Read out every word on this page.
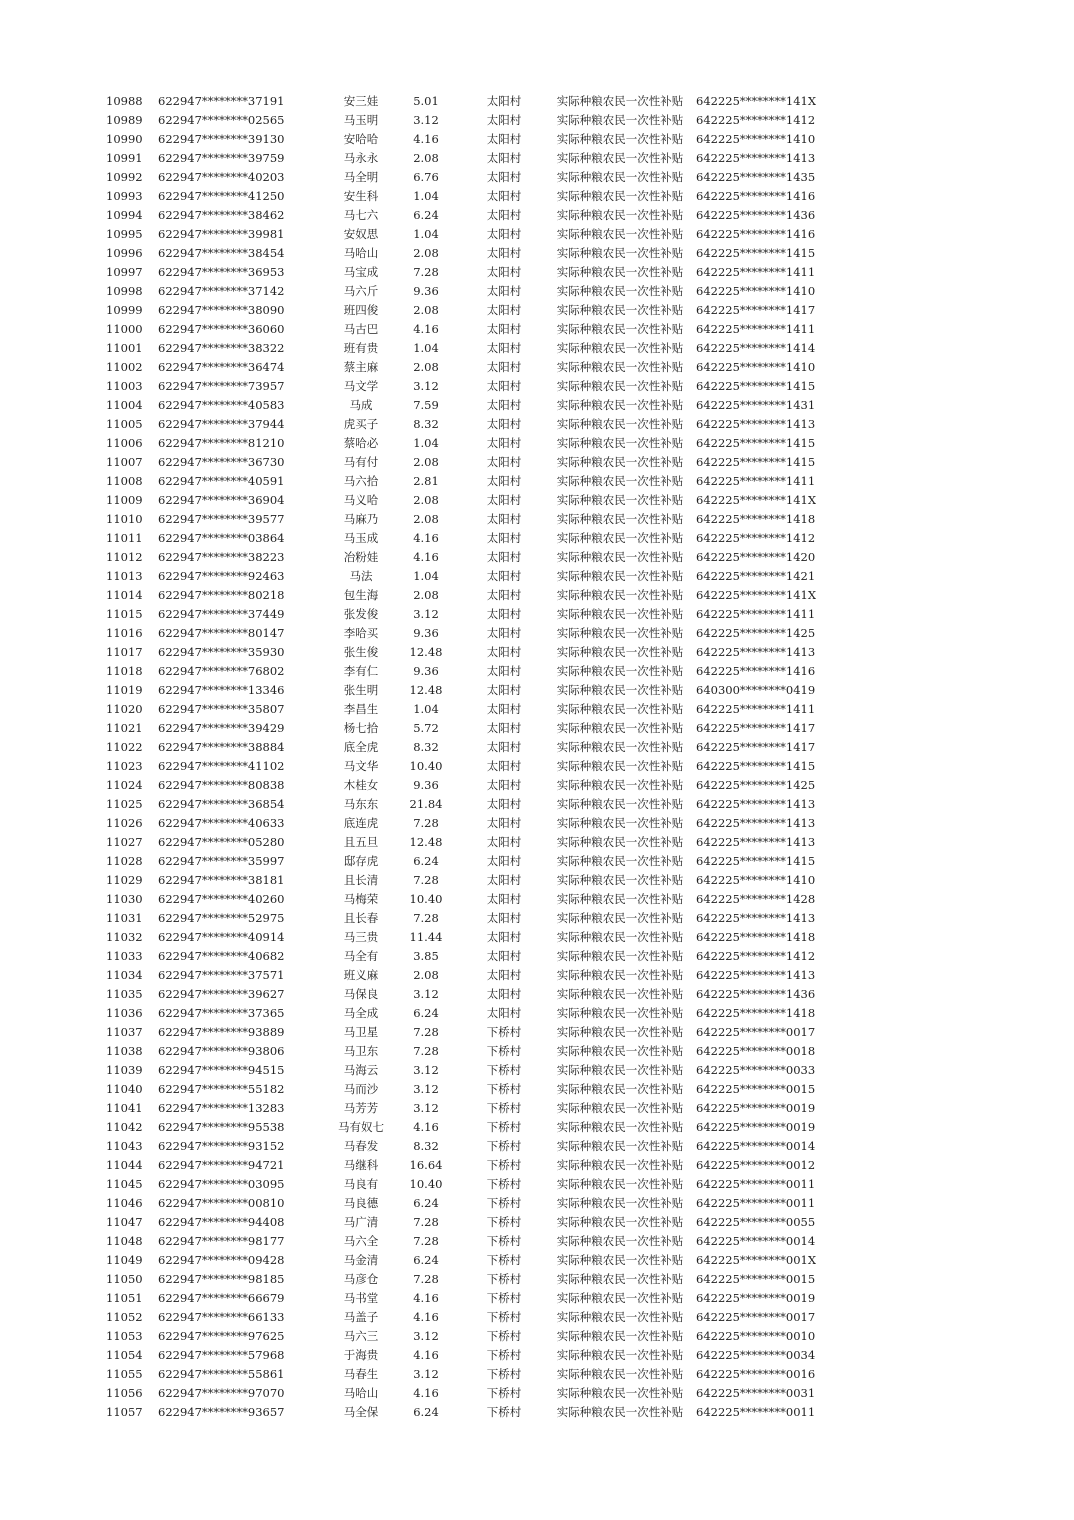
10988	622947********37191	安三娃	5.01	太阳村	实际种粮农民一次性补贴	642225********141X
10989	622947********02565	马玉明	3.12	太阳村	实际种粮农民一次性补贴	642225********1412
10990	622947********39130	安哈哈	4.16	太阳村	实际种粮农民一次性补贴	642225********1410
10991	622947********39759	马永永	2.08	太阳村	实际种粮农民一次性补贴	642225********1413
10992	622947********40203	马全明	6.76	太阳村	实际种粮农民一次性补贴	642225********1435
10993	622947********41250	安生科	1.04	太阳村	实际种粮农民一次性补贴	642225********1416
10994	622947********38462	马七六	6.24	太阳村	实际种粮农民一次性补贴	642225********1436
10995	622947********39981	安奴思	1.04	太阳村	实际种粮农民一次性补贴	642225********1416
10996	622947********38454	马哈山	2.08	太阳村	实际种粮农民一次性补贴	642225********1415
10997	622947********36953	马宝成	7.28	太阳村	实际种粮农民一次性补贴	642225********1411
10998	622947********37142	马六斤	9.36	太阳村	实际种粮农民一次性补贴	642225********1410
10999	622947********38090	班四俊	2.08	太阳村	实际种粮农民一次性补贴	642225********1417
11000	622947********36060	马古巴	4.16	太阳村	实际种粮农民一次性补贴	642225********1411
11001	622947********38322	班有贵	1.04	太阳村	实际种粮农民一次性补贴	642225********1414
11002	622947********36474	蔡主麻	2.08	太阳村	实际种粮农民一次性补贴	642225********1410
11003	622947********73957	马文学	3.12	太阳村	实际种粮农民一次性补贴	642225********1415
11004	622947********40583	马成	7.59	太阳村	实际种粮农民一次性补贴	642225********1431
11005	622947********37944	虎买子	8.32	太阳村	实际种粮农民一次性补贴	642225********1413
11006	622947********81210	蔡哈必	1.04	太阳村	实际种粮农民一次性补贴	642225********1415
11007	622947********36730	马有付	2.08	太阳村	实际种粮农民一次性补贴	642225********1415
11008	622947********40591	马六拾	2.81	太阳村	实际种粮农民一次性补贴	642225********1411
11009	622947********36904	马义哈	2.08	太阳村	实际种粮农民一次性补贴	642225********141X
11010	622947********39577	马麻乃	2.08	太阳村	实际种粮农民一次性补贴	642225********1418
11011	622947********03864	马玉成	4.16	太阳村	实际种粮农民一次性补贴	642225********1412
11012	622947********38223	冶粉娃	4.16	太阳村	实际种粮农民一次性补贴	642225********1420
11013	622947********92463	马法	1.04	太阳村	实际种粮农民一次性补贴	642225********1421
11014	622947********80218	包生海	2.08	太阳村	实际种粮农民一次性补贴	642225********141X
11015	622947********37449	张发俊	3.12	太阳村	实际种粮农民一次性补贴	642225********1411
11016	622947********80147	李哈买	9.36	太阳村	实际种粮农民一次性补贴	642225********1425
11017	622947********35930	张生俊	12.48	太阳村	实际种粮农民一次性补贴	642225********1413
11018	622947********76802	李有仁	9.36	太阳村	实际种粮农民一次性补贴	642225********1416
11019	622947********13346	张生明	12.48	太阳村	实际种粮农民一次性补贴	640300********0419
11020	622947********35807	李昌生	1.04	太阳村	实际种粮农民一次性补贴	642225********1411
11021	622947********39429	杨七拾	5.72	太阳村	实际种粮农民一次性补贴	642225********1417
11022	622947********38884	底全虎	8.32	太阳村	实际种粮农民一次性补贴	642225********1417
11023	622947********41102	马文华	10.40	太阳村	实际种粮农民一次性补贴	642225********1415
11024	622947********80838	木桂女	9.36	太阳村	实际种粮农民一次性补贴	642225********1425
11025	622947********36854	马东东	21.84	太阳村	实际种粮农民一次性补贴	642225********1413
11026	622947********40633	底连虎	7.28	太阳村	实际种粮农民一次性补贴	642225********1413
11027	622947********05280	且五旦	12.48	太阳村	实际种粮农民一次性补贴	642225********1413
11028	622947********35997	邸存虎	6.24	太阳村	实际种粮农民一次性补贴	642225********1415
11029	622947********38181	且长清	7.28	太阳村	实际种粮农民一次性补贴	642225********1410
11030	622947********40260	马梅荣	10.40	太阳村	实际种粮农民一次性补贴	642225********1428
11031	622947********52975	且长春	7.28	太阳村	实际种粮农民一次性补贴	642225********1413
11032	622947********40914	马三贵	11.44	太阳村	实际种粮农民一次性补贴	642225********1418
11033	622947********40682	马全有	3.85	太阳村	实际种粮农民一次性补贴	642225********1412
11034	622947********37571	班义麻	2.08	太阳村	实际种粮农民一次性补贴	642225********1413
11035	622947********39627	马保良	3.12	太阳村	实际种粮农民一次性补贴	642225********1436
11036	622947********37365	马全成	6.24	太阳村	实际种粮农民一次性补贴	642225********1418
11037	622947********93889	马卫星	7.28	下桥村	实际种粮农民一次性补贴	642225********0017
11038	622947********93806	马卫东	7.28	下桥村	实际种粮农民一次性补贴	642225********0018
11039	622947********94515	马海云	3.12	下桥村	实际种粮农民一次性补贴	642225********0033
11040	622947********55182	马而沙	3.12	下桥村	实际种粮农民一次性补贴	642225********0015
11041	622947********13283	马芳芳	3.12	下桥村	实际种粮农民一次性补贴	642225********0019
11042	622947********95538	马有奴七	4.16	下桥村	实际种粮农民一次性补贴	642225********0019
11043	622947********93152	马春发	8.32	下桥村	实际种粮农民一次性补贴	642225********0014
11044	622947********94721	马继科	16.64	下桥村	实际种粮农民一次性补贴	642225********0012
11045	622947********03095	马良有	10.40	下桥村	实际种粮农民一次性补贴	642225********0011
11046	622947********00810	马良德	6.24	下桥村	实际种粮农民一次性补贴	642225********0011
11047	622947********94408	马广清	7.28	下桥村	实际种粮农民一次性补贴	642225********0055
11048	622947********98177	马六全	7.28	下桥村	实际种粮农民一次性补贴	642225********0014
11049	622947********09428	马金清	6.24	下桥村	实际种粮农民一次性补贴	642225********001X
11050	622947********98185	马彦仓	7.28	下桥村	实际种粮农民一次性补贴	642225********0015
11051	622947********66679	马书堂	4.16	下桥村	实际种粮农民一次性补贴	642225********0019
11052	622947********66133	马盖子	4.16	下桥村	实际种粮农民一次性补贴	642225********0017
11053	622947********97625	马六三	3.12	下桥村	实际种粮农民一次性补贴	642225********0010
11054	622947********57968	于海贵	4.16	下桥村	实际种粮农民一次性补贴	642225********0034
11055	622947********55861	马春生	3.12	下桥村	实际种粮农民一次性补贴	642225********0016
11056	622947********97070	马哈山	4.16	下桥村	实际种粮农民一次性补贴	642225********0031
11057	622947********93657	马全保	6.24	下桥村	实际种粮农民一次性补贴	642225********0011
